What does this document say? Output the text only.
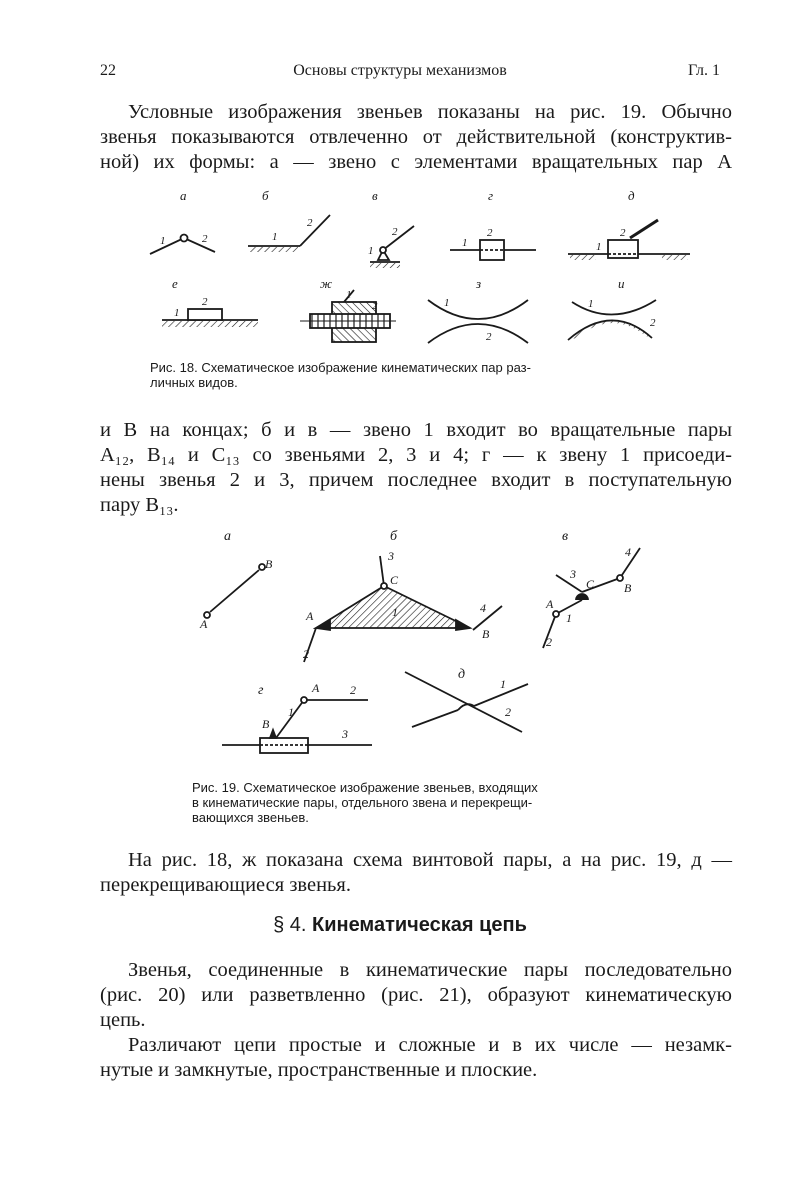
22	Основы структуры механизмов	Гл. 1
Условные изображения звеньев показаны на рис. 19. Обычно
звенья показываются отвлеченно от действительной (конструктив-
ной) их формы: а — звено с элементами вращательных пар А
а	б	в	г	д
е	ж	з	и
1	2	1
2
1
2
1
2
1
2
1
2
1
2	1
2
1
2
Рис. 18. Схематическое изображение кинематических пар раз-
личных видов.
и В на концах; б и в — звено 1 входит во вращательные пары
A₁₂, B₁₄ и C₁₃ со звеньями 2, 3 и 4; г — к звену 1 присоеди-
нены звенья 2 и 3, причем последнее входит в поступательную
пару B₁₃.
а	б	в
г
д
А
В
3
С
А	1	4
В
2
3
С
4
В
А
1
2
А	2
1
В
3
1
2
Рис. 19. Схематическое изображение звеньев, входящих
в кинематические пары, отдельного звена и перекрещи-
вающихся звеньев.
На рис. 18, ж показана схема винтовой пары, а на рис. 19, д —
перекрещивающиеся звенья.
§ 4. Кинематическая цепь
Звенья, соединенные в кинематические пары последовательно
(рис. 20) или разветвленно (рис. 21), образуют кинематическую
цепь.
Различают цепи простые и сложные и в их числе — незамк-
нутые и замкнутые, пространственные и плоские.
